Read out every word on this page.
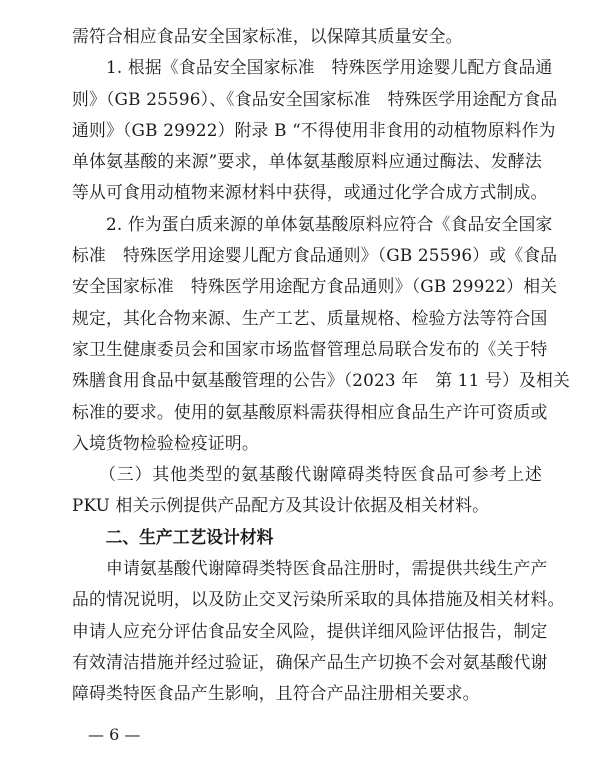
需符合相应食品安全国家标准，以保障其质量安全。
　　1. 根据《食品安全国家标准　特殊医学用途婴儿配方食品通
则》（GB 25596）、《食品安全国家标准　特殊医学用途配方食品
通则》（GB 29922）附录 B “不得使用非食用的动植物原料作为
单体氨基酸的来源”要求，单体氨基酸原料应通过酶法、发酵法
等从可食用动植物来源材料中获得，或通过化学合成方式制成。
　　2. 作为蛋白质来源的单体氨基酸原料应符合《食品安全国家
标准　特殊医学用途婴儿配方食品通则》（GB 25596）或《食品
安全国家标准　特殊医学用途配方食品通则》（GB 29922）相关
规定，其化合物来源、生产工艺、质量规格、检验方法等符合国
家卫生健康委员会和国家市场监督管理总局联合发布的《关于特
殊膳食用食品中氨基酸管理的公告》（2023 年　第 11 号）及相关
标准的要求。使用的氨基酸原料需获得相应食品生产许可资质或
入境货物检验检疫证明。
　　（三）其他类型的氨基酸代谢障碍类特医食品可参考上述
PKU 相关示例提供产品配方及其设计依据及相关材料。
　　二、生产工艺设计材料
　　申请氨基酸代谢障碍类特医食品注册时，需提供共线生产产
品的情况说明，以及防止交叉污染所采取的具体措施及相关材料。
申请人应充分评估食品安全风险，提供详细风险评估报告，制定
有效清洁措施并经过验证，确保产品生产切换不会对氨基酸代谢
障碍类特医食品产生影响，且符合产品注册相关要求。
— 6 —
